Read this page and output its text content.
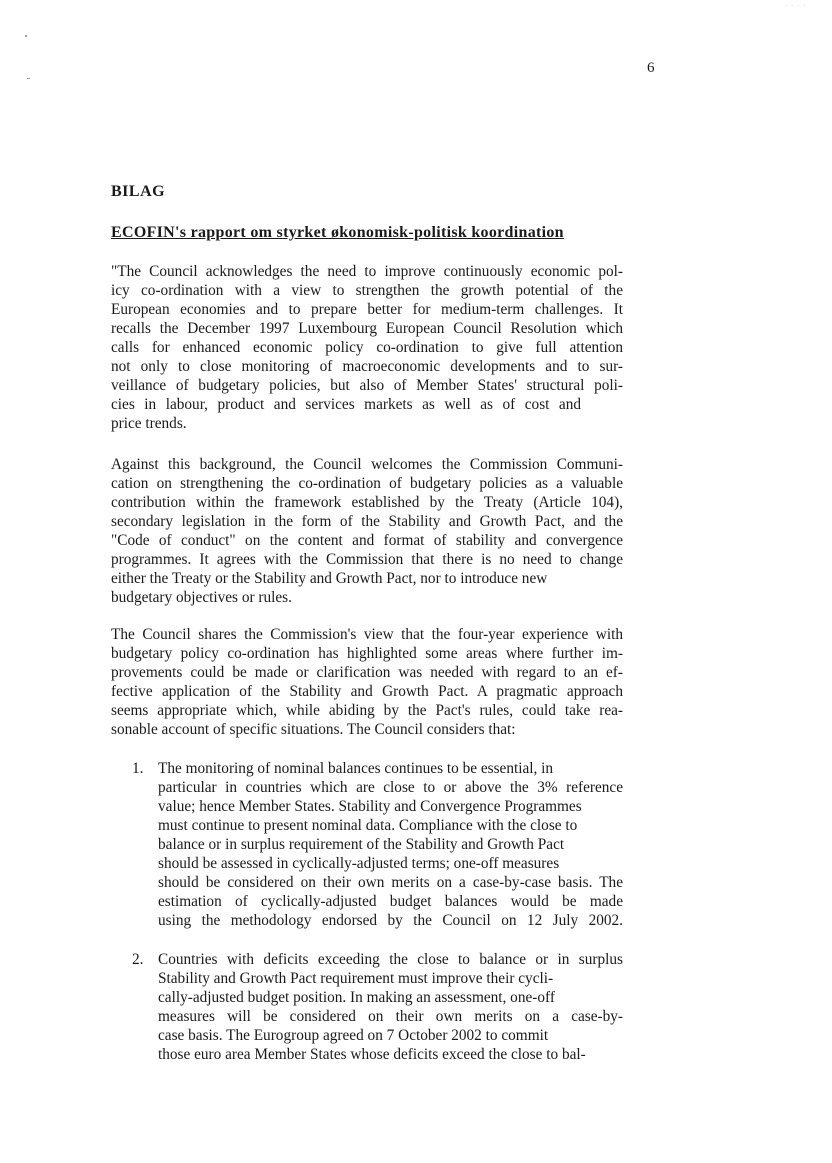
· · · ·
6
BILAG
ECOFIN's rapport om styrket økonomisk-politisk koordination
"The Council acknowledges the need to improve continuously economic pol-
icy co-ordination with a view to strengthen the growth potential of the
European economies and to prepare better for medium-term challenges. It
recalls the December 1997 Luxembourg European Council Resolution which
calls for enhanced economic policy co-ordination to give full attention
not only to close monitoring of macroeconomic developments and to sur-
veillance of budgetary policies, but also of Member States' structural poli-
cies in labour, product and services markets as well as of cost and
price trends.
Against this background, the Council welcomes the Commission Communi-
cation on strengthening the co-ordination of budgetary policies as a valuable
contribution within the framework established by the Treaty (Article 104),
secondary legislation in the form of the Stability and Growth Pact, and the
"Code of conduct" on the content and format of stability and convergence
programmes. It agrees with the Commission that there is no need to change
either the Treaty or the Stability and Growth Pact, nor to introduce new
budgetary objectives or rules.
The Council shares the Commission's view that the four-year experience with
budgetary policy co-ordination has highlighted some areas where further im-
provements could be made or clarification was needed with regard to an ef-
fective application of the Stability and Growth Pact. A pragmatic approach
seems appropriate which, while abiding by the Pact's rules, could take rea-
sonable account of specific situations. The Council considers that:
1. The monitoring of nominal balances continues to be essential, in
particular in countries which are close to or above the 3% reference
value; hence Member States. Stability and Convergence Programmes
must continue to present nominal data. Compliance with the close to
balance or in surplus requirement of the Stability and Growth Pact
should be assessed in cyclically-adjusted terms; one-off measures
should be considered on their own merits on a case-by-case basis. The
estimation of cyclically-adjusted budget balances would be made
using the methodology endorsed by the Council on 12 July 2002.
2. Countries with deficits exceeding the close to balance or in surplus
Stability and Growth Pact requirement must improve their cycli-
cally-adjusted budget position. In making an assessment, one-off
measures will be considered on their own merits on a case-by-
case basis. The Eurogroup agreed on 7 October 2002 to commit
those euro area Member States whose deficits exceed the close to bal-
